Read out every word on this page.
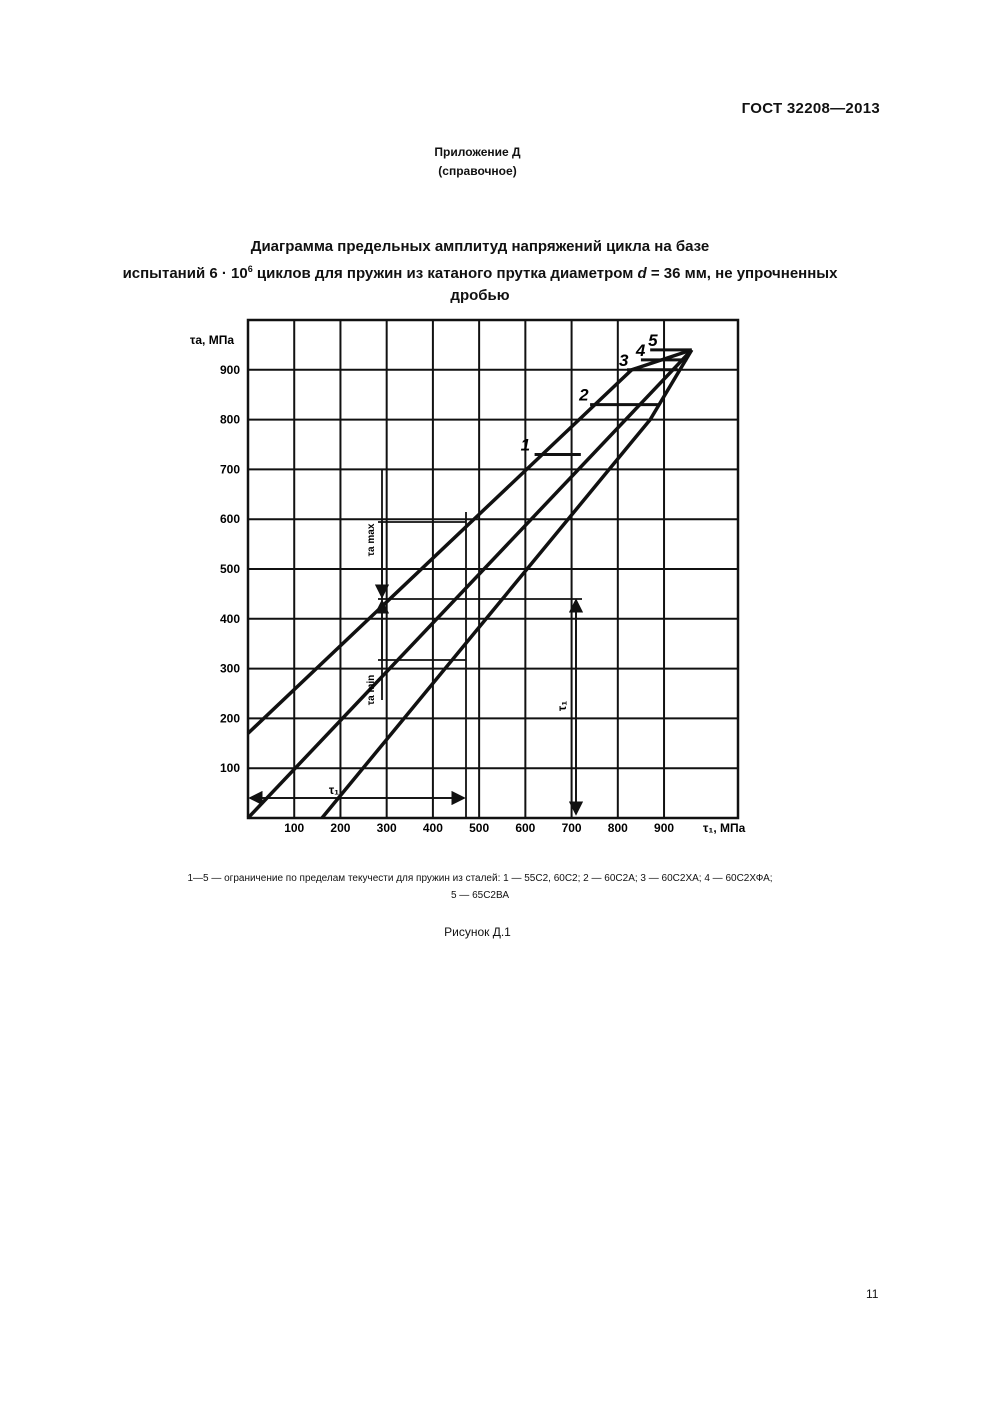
ГОСТ 32208—2013
Приложение Д
(справочное)
Диаграмма предельных амплитуд напряжений цикла на базе
испытаний $6 \cdot 10^6$ циклов для пружин из катаного прутка диаметром d = 36 мм, не упрочненных
дробью
1
2
3
4
5
100 200 300 400 500 600 700 800 900
100
200
300
400
500
600
700
800
900
τa, МПа
τ₁, МПа
τa max
τa min
τ₁
τ₁
1—5 — ограничение по пределам текучести для пружин из сталей: 1 — 55С2, 60С2; 2 — 60С2А; 3 — 60С2ХА; 4 — 60С2ХФА;
5 — 65С2ВА
Рисунок Д.1
11
